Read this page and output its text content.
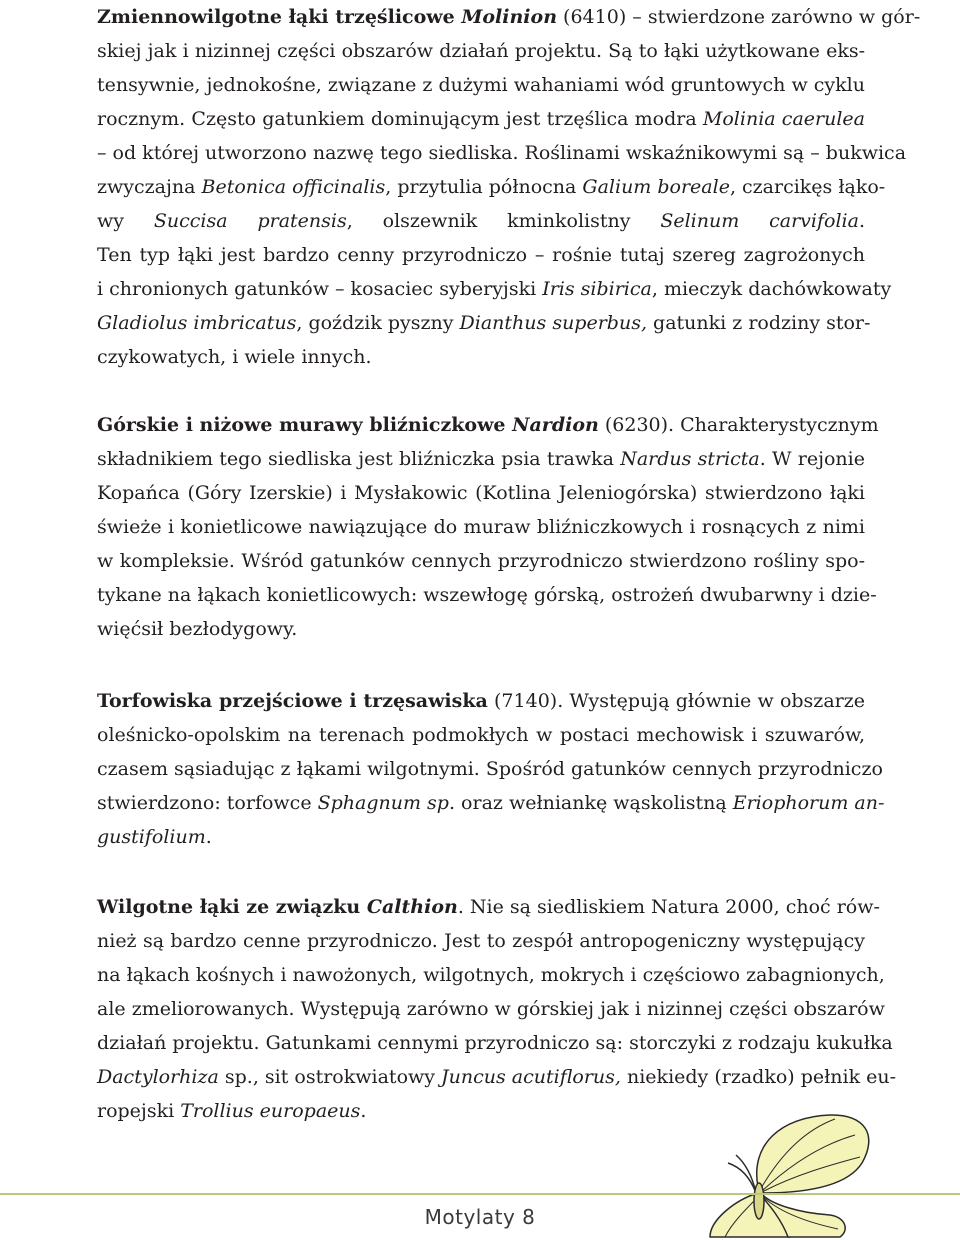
Zmiennowilgotne łąki trzęślicowe Molinion (6410) – stwierdzone zarówno w gór-
skiej jak i nizinnej części obszarów działań projektu. Są to łąki użytkowane eks-
tensywnie, jednokośne, związane z dużymi wahaniami wód gruntowych w cyklu
rocznym. Często gatunkiem dominującym jest trzęślica modra Molinia caerulea
– od której utworzono nazwę tego siedliska. Roślinami wskaźnikowymi są – bukwica
zwyczajna Betonica officinalis, przytulia północna Galium boreale, czarcikęs łąko-
wy Succisa pratensis, olszewnik kminkolistny Selinum carvifolia.
Ten typ łąki jest bardzo cenny przyrodniczo – rośnie tutaj szereg zagrożonych
i chronionych gatunków – kosaciec syberyjski Iris sibirica, mieczyk dachówkowaty
Gladiolus imbricatus, goździk pyszny Dianthus superbus, gatunki z rodziny stor-
czykowatych, i wiele innych.
Górskie i niżowe murawy bliźniczkowe Nardion (6230). Charakterystycznym
składnikiem tego siedliska jest bliźniczka psia trawka Nardus stricta. W rejonie
Kopańca (Góry Izerskie) i Mysłakowic (Kotlina Jeleniogórska) stwierdzono łąki
świeże i konietlicowe nawiązujące do muraw bliźniczkowych i rosnących z nimi
w kompleksie. Wśród gatunków cennych przyrodniczo stwierdzono rośliny spo-
tykane na łąkach konietlicowych: wszewłogę górską, ostrożeń dwubarwny i dzie-
więćsił bezłodygowy.
Torfowiska przejściowe i trzęsawiska (7140). Występują głównie w obszarze
oleśnicko-opolskim na terenach podmokłych w postaci mechowisk i szuwarów,
czasem sąsiadując z łąkami wilgotnymi. Spośród gatunków cennych przyrodniczo
stwierdzono: torfowce Sphagnum sp. oraz wełniankę wąskolistną Eriophorum an-
gustifolium.
Wilgotne łąki ze związku Calthion. Nie są siedliskiem Natura 2000, choć rów-
nież są bardzo cenne przyrodniczo. Jest to zespół antropogeniczny występujący
na łąkach kośnych i nawożonych, wilgotnych, mokrych i częściowo zabagnionych,
ale zmeliorowanych. Występują zarówno w górskiej jak i nizinnej części obszarów
działań projektu. Gatunkami cennymi przyrodniczo są: storczyki z rodzaju kukułka
Dactylorhiza sp., sit ostrokwiatowy Juncus acutiflorus, niekiedy (rzadko) pełnik eu-
ropejski Trollius europaeus.
Motylaty 8
